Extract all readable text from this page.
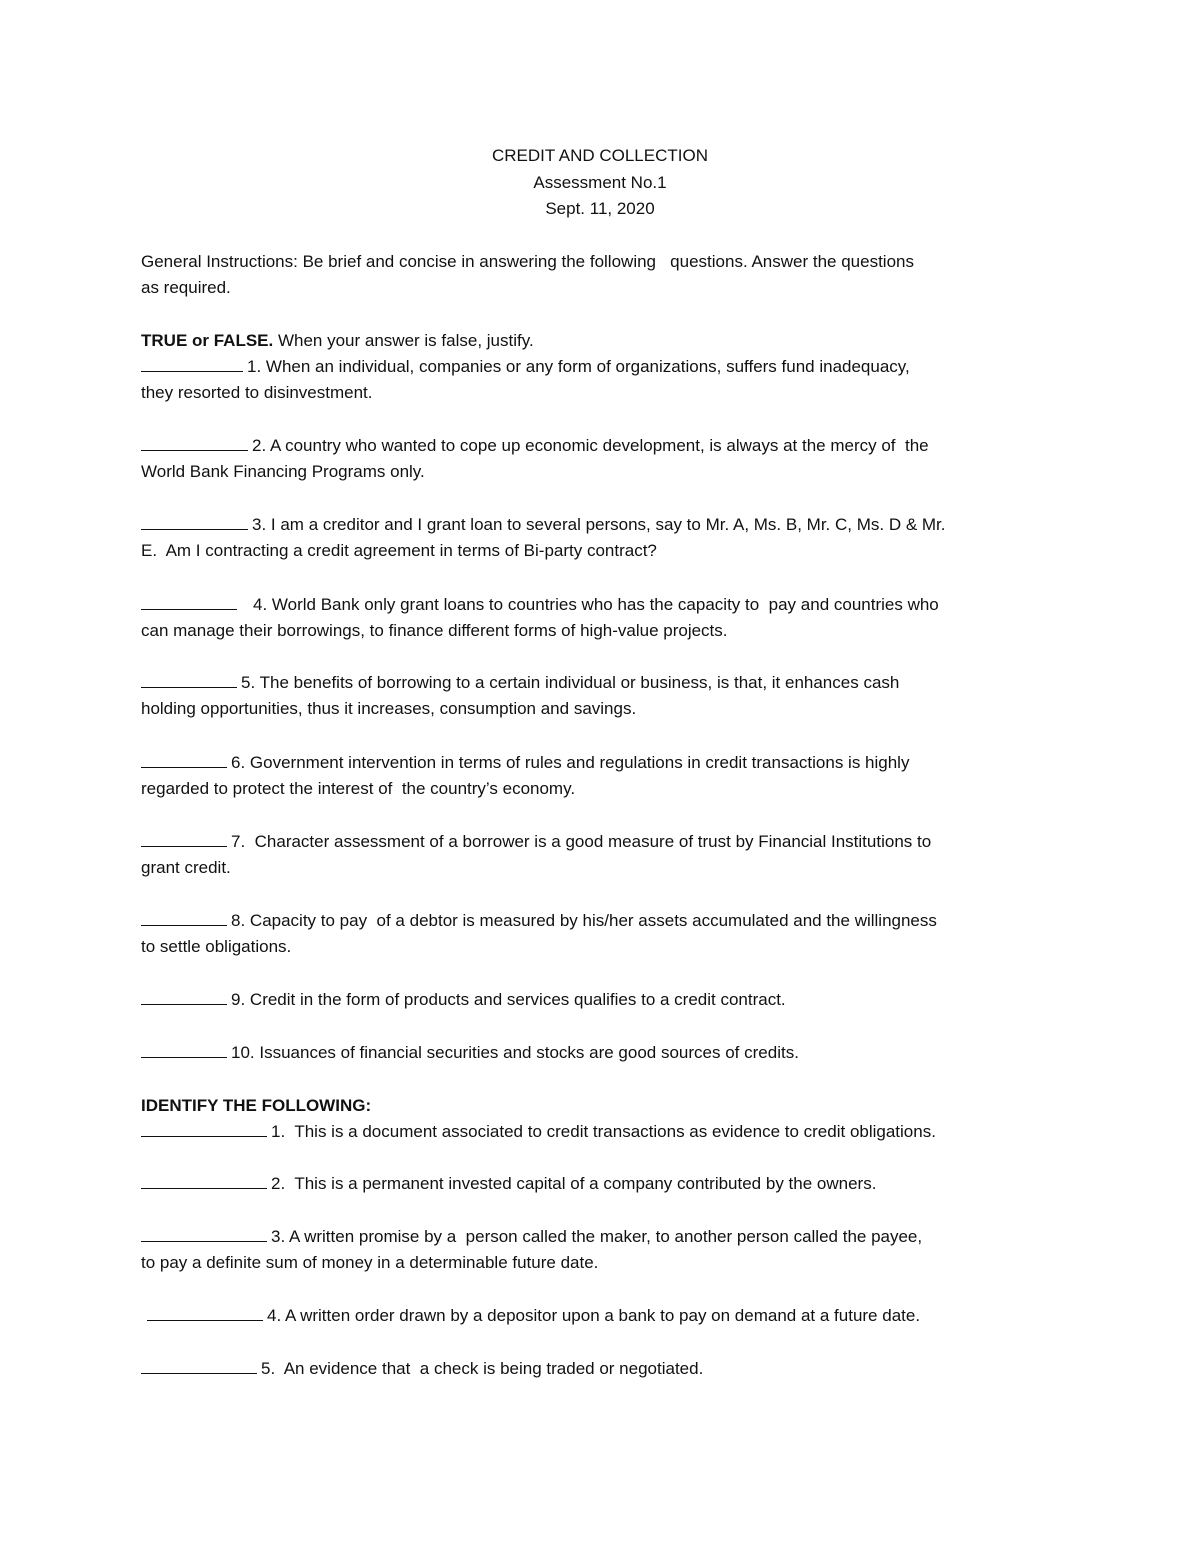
CREDIT AND COLLECTION
Assessment No.1
Sept. 11, 2020
General Instructions: Be brief and concise in answering the following   questions. Answer the questions
as required.
TRUE or FALSE. When your answer is false, justify.
1. When an individual, companies or any form of organizations, suffers fund inadequacy,
they resorted to disinvestment.
2. A country who wanted to cope up economic development, is always at the mercy of  the
World Bank Financing Programs only.
3. I am a creditor and I grant loan to several persons, say to Mr. A, Ms. B, Mr. C, Ms. D & Mr.
E.  Am I contracting a credit agreement in terms of Bi-party contract?
4. World Bank only grant loans to countries who has the capacity to  pay and countries who
can manage their borrowings, to finance different forms of high-value projects.
5. The benefits of borrowing to a certain individual or business, is that, it enhances cash
holding opportunities, thus it increases, consumption and savings.
6. Government intervention in terms of rules and regulations in credit transactions is highly
regarded to protect the interest of  the country’s economy.
7.  Character assessment of a borrower is a good measure of trust by Financial Institutions to
grant credit.
8. Capacity to pay  of a debtor is measured by his/her assets accumulated and the willingness
to settle obligations.
9. Credit in the form of products and services qualifies to a credit contract.
10. Issuances of financial securities and stocks are good sources of credits.
IDENTIFY THE FOLLOWING:
1.  This is a document associated to credit transactions as evidence to credit obligations.
2.  This is a permanent invested capital of a company contributed by the owners.
3. A written promise by a  person called the maker, to another person called the payee,
to pay a definite sum of money in a determinable future date.
4. A written order drawn by a depositor upon a bank to pay on demand at a future date.
5.  An evidence that  a check is being traded or negotiated.
